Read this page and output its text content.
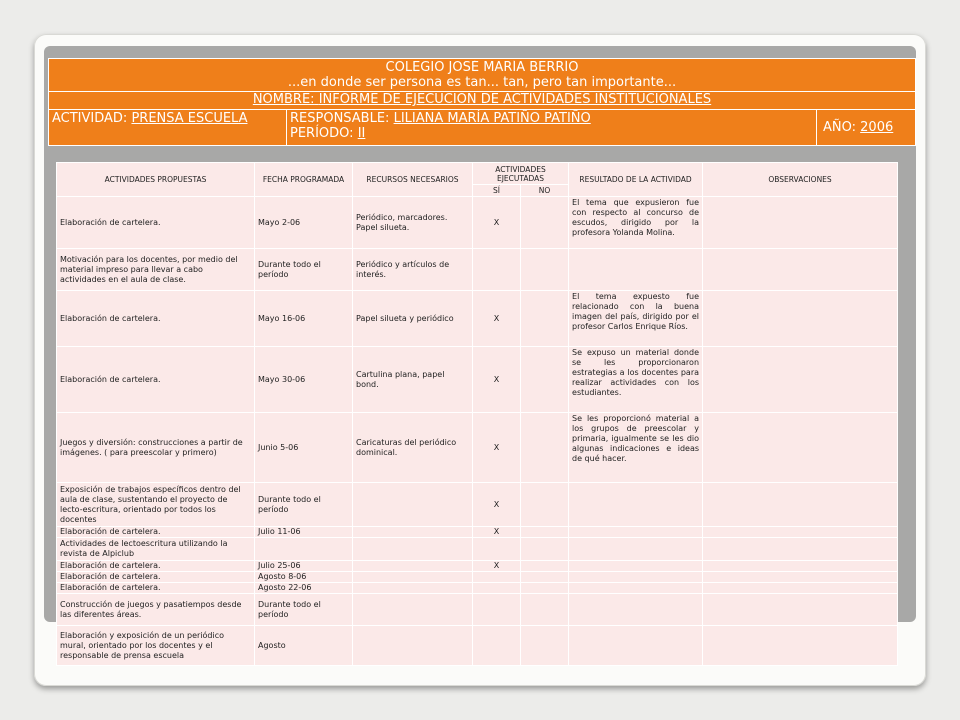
COLEGIO JOSÉ MARÍA BERRÍO
...en donde ser persona es tan... tan, pero tan importante...
NOMBRE: INFORME DE EJECUCIÓN DE ACTIVIDADES INSTITUCIONALES
ACTIVIDAD: PRENSA ESCUELA	RESPONSABLE: LILIANA MARÍA PATIÑO PATIÑO
PERÍODO: II	AÑO:
2006
ACTIVIDADES PROPUESTAS	FECHA PROGRAMADA	RECURSOS NECESARIOS	ACTIVIDADES EJECUTADAS		RESULTADO DE LA ACTIVIDAD	OBSERVACIONES
			SÍ	NO		
Elaboración de cartelera.	Mayo 2-06	Periódico, marcadores. Papel silueta.	X		El tema que expusieron fue con respecto al concurso de escudos, dirigido por la profesora Yolanda Molina.	
Motivación para los docentes, por medio del material impreso para llevar a cabo actividades en el aula de clase.	Durante todo el período	Periódico y artículos de interés.				
Elaboración de cartelera.	Mayo 16-06	Papel silueta y periódico	X		El tema expuesto fue relacionado con la buena imagen del país, dirigido por el profesor Carlos Enrique Ríos.	
Elaboración de cartelera.	Mayo 30-06	Cartulina plana, papel bond.	X		Se expuso un material donde se les proporcionaron estrategias a los docentes para realizar actividades con los estudiantes.	
Juegos y diversión: construcciones a partir de imágenes. ( para preescolar y primero)	Junio 5-06	Caricaturas del periódico dominical.	X		Se les proporcionó material a los grupos de preescolar y primaria, igualmente se les dio algunas indicaciones e ideas de qué hacer.	
Exposición de trabajos específicos dentro del aula de clase, sustentando el proyecto de lecto-escritura, orientado por todos los docentes	Durante todo el período		X			
Elaboración de cartelera.	Julio 11-06		X			
Actividades de lectoescritura utilizando la revista de Alpiclub						
Elaboración de cartelera.	Julio 25-06		X			
Elaboración de cartelera.	Agosto 8-06					
Elaboración de cartelera.	Agosto 22-06					
Construcción de juegos y pasatiempos desde las diferentes áreas.	Durante todo el período					
Elaboración y exposición de un periódico mural, orientado por los docentes y el responsable de prensa escuela	Agosto					
